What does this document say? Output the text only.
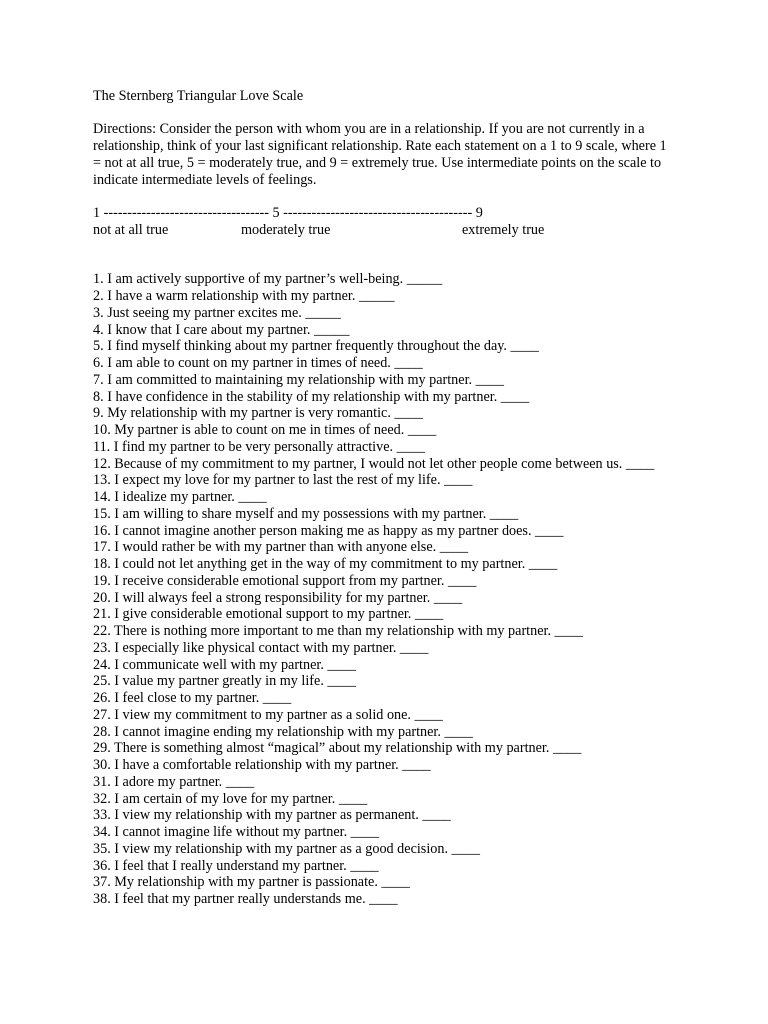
The Sternberg Triangular Love Scale

Directions: Consider the person with whom you are in a relationship. If you are not currently in a relationship, think of your last significant relationship. Rate each statement on a 1 to 9 scale, where 1 = not at all true, 5 = moderately true, and 9 = extremely true. Use intermediate points on the scale to indicate intermediate levels of feelings.

1 ----------------------------------- 5 ---------------------------------------- 9
not at all true	moderately true	extremely true
1. I am actively supportive of my partner’s well-being. _____
2. I have a warm relationship with my partner. _____
3. Just seeing my partner excites me. _____
4. I know that I care about my partner. _____
5. I find myself thinking about my partner frequently throughout the day. ____
6. I am able to count on my partner in times of need. ____
7. I am committed to maintaining my relationship with my partner. ____
8. I have confidence in the stability of my relationship with my partner. ____
9. My relationship with my partner is very romantic. ____
10. My partner is able to count on me in times of need. ____
11. I find my partner to be very personally attractive. ____
12. Because of my commitment to my partner, I would not let other people come between us. ____
13. I expect my love for my partner to last the rest of my life. ____
14. I idealize my partner. ____
15. I am willing to share myself and my possessions with my partner. ____
16. I cannot imagine another person making me as happy as my partner does. ____
17. I would rather be with my partner than with anyone else. ____
18. I could not let anything get in the way of my commitment to my partner. ____
19. I receive considerable emotional support from my partner. ____
20. I will always feel a strong responsibility for my partner. ____
21. I give considerable emotional support to my partner. ____
22. There is nothing more important to me than my relationship with my partner. ____
23. I especially like physical contact with my partner. ____
24. I communicate well with my partner. ____
25. I value my partner greatly in my life. ____
26. I feel close to my partner. ____
27. I view my commitment to my partner as a solid one. ____
28. I cannot imagine ending my relationship with my partner. ____
29. There is something almost “magical” about my relationship with my partner. ____
30. I have a comfortable relationship with my partner. ____
31. I adore my partner. ____
32. I am certain of my love for my partner. ____
33. I view my relationship with my partner as permanent. ____
34. I cannot imagine life without my partner. ____
35. I view my relationship with my partner as a good decision. ____
36. I feel that I really understand my partner. ____
37. My relationship with my partner is passionate. ____
38. I feel that my partner really understands me. ____
